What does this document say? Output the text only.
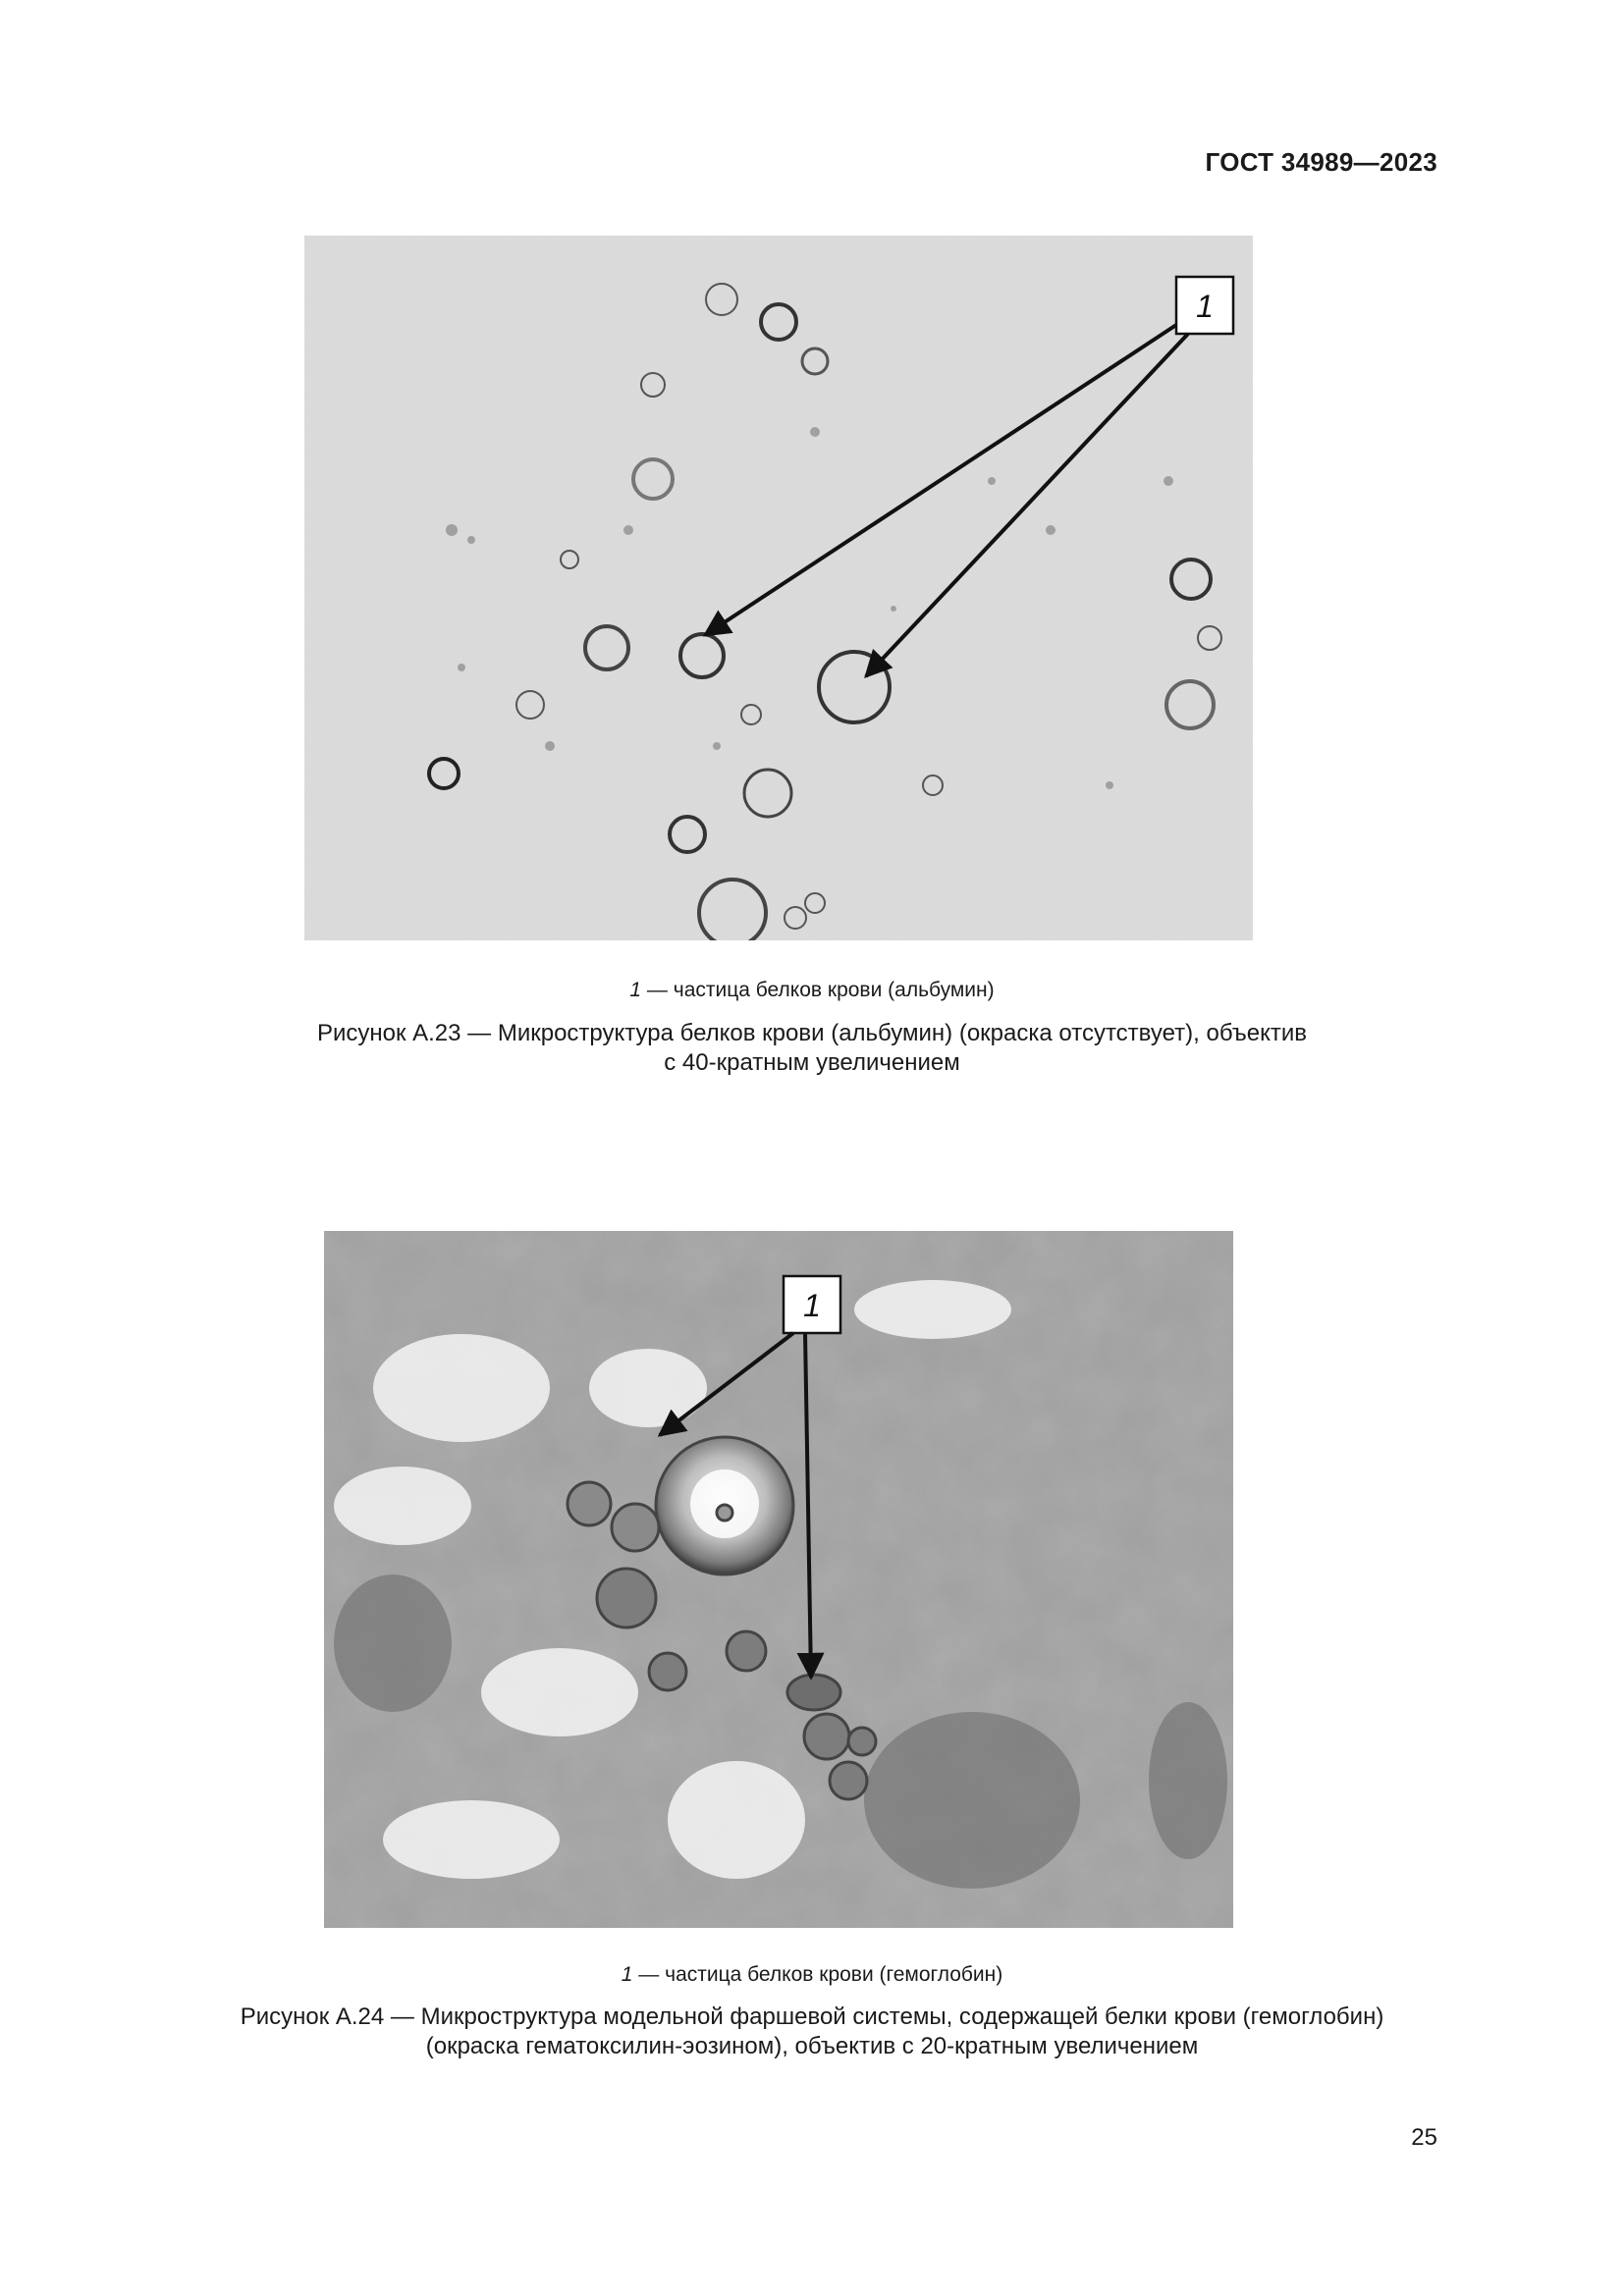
ГОСТ 34989—2023
1
1 — частица белков крови (альбумин)
Рисунок А.23 — Микроструктура белков крови (альбумин) (окраска отсутствует), объектив
с 40-кратным увеличением
1
1 — частица белков крови (гемоглобин)
Рисунок А.24 — Микроструктура модельной фаршевой системы, содержащей белки крови (гемоглобин)
(окраска гематоксилин-эозином), объектив с 20-кратным увеличением
25
